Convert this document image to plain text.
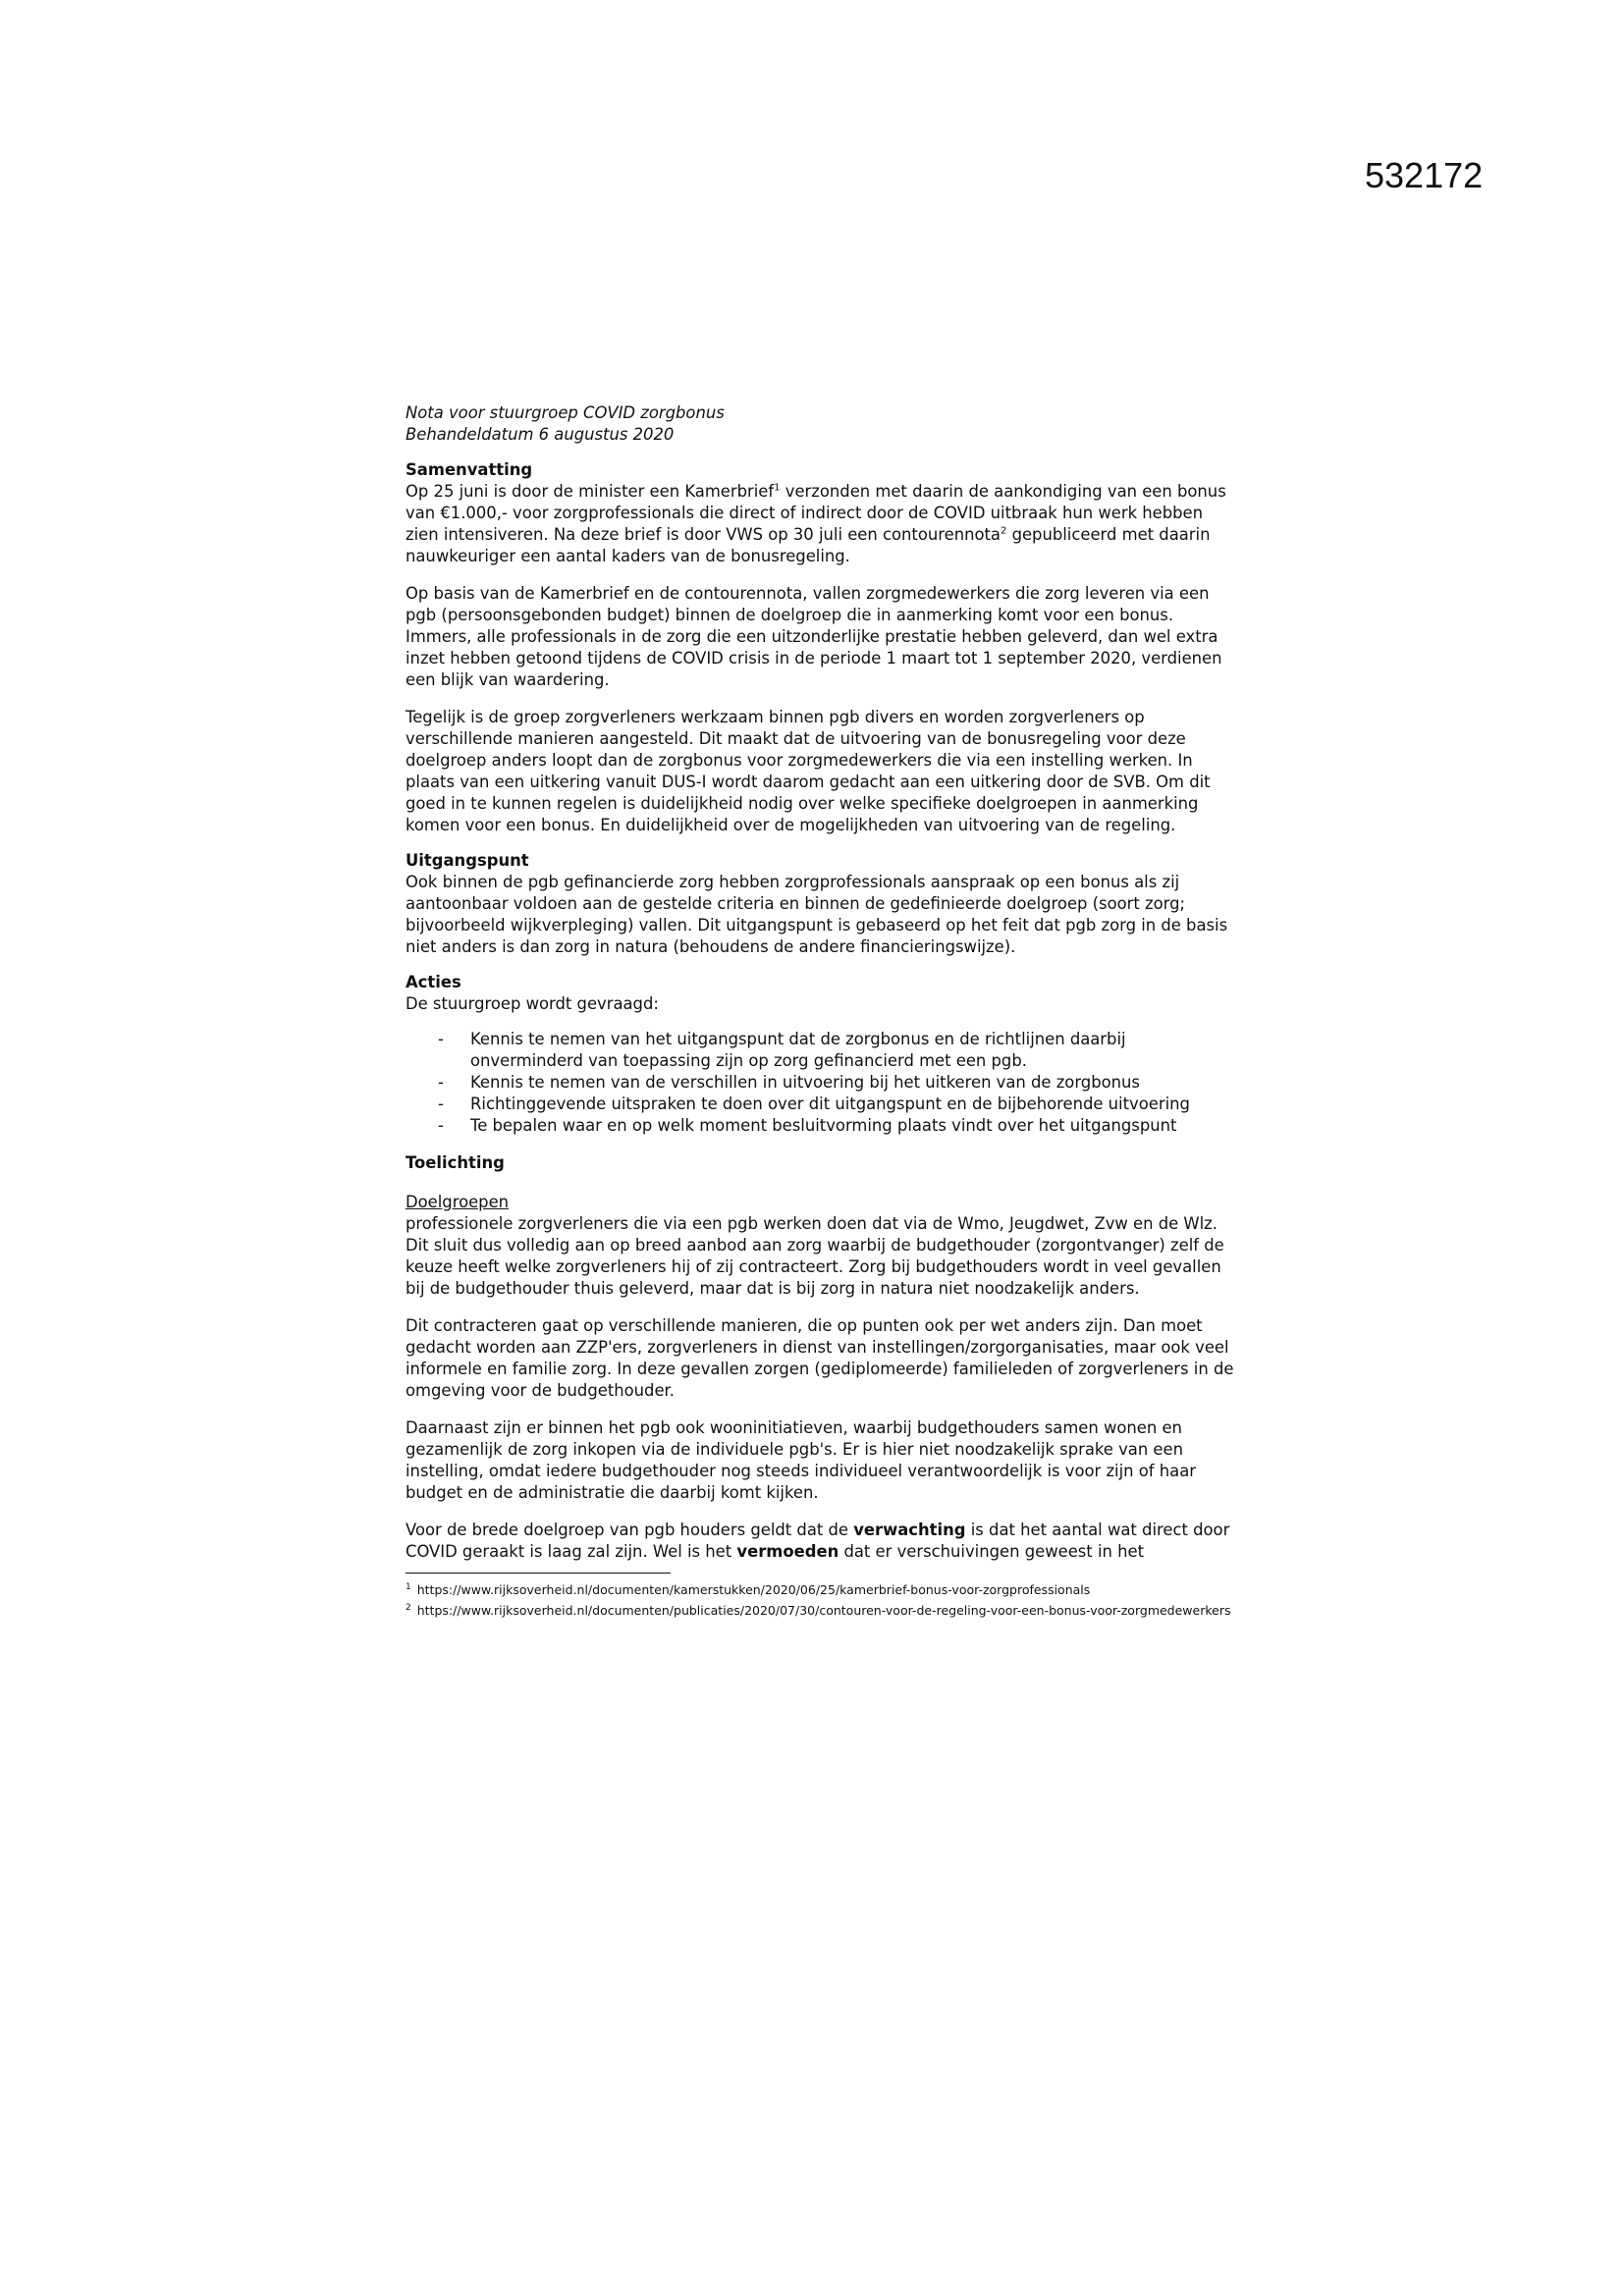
532172

Nota voor stuurgroep COVID zorgbonus

Behandeldatum 6 augustus 2020

Samenvatting

Op 25 juni is door de minister een Kamerbrief$^1$ verzonden met daarin de aankondiging van een bonus van €1.000,- voor zorgprofessionals die direct of indirect door de COVID uitbraak hun werk hebben zien intensiveren. Na deze brief is door VWS op 30 juli een contourennota$^2$ gepubliceerd met daarin nauwkeuriger een aantal kaders van de bonusregeling.

Op basis van de Kamerbrief en de contourennota, vallen zorgmedewerkers die zorg leveren via een pgb (persoonsgebonden budget) binnen de doelgroep die in aanmerking komt voor een bonus. Immers, alle professionals in de zorg die een uitzonderlijke prestatie hebben geleverd, dan wel extra inzet hebben getoond tijdens de COVID crisis in de periode 1 maart tot 1 september 2020, verdienen een blijk van waardering.

Tegelijk is de groep zorgverleners werkzaam binnen pgb divers en worden zorgverleners op verschillende manieren aangesteld. Dit maakt dat de uitvoering van de bonusregeling voor deze doelgroep anders loopt dan de zorgbonus voor zorgmedewerkers die via een instelling werken. In plaats van een uitkering vanuit DUS-I wordt daarom gedacht aan een uitkering door de SVB. Om dit goed in te kunnen regelen is duidelijkheid nodig over welke specifieke doelgroepen in aanmerking komen voor een bonus. En duidelijkheid over de mogelijkheden van uitvoering van de regeling.

Uitgangspunt

Ook binnen de pgb gefinancierde zorg hebben zorgprofessionals aanspraak op een bonus als zij aantoonbaar voldoen aan de gestelde criteria en binnen de gedefinieerde doelgroep (soort zorg; bijvoorbeeld wijkverpleging) vallen. Dit uitgangspunt is gebaseerd op het feit dat pgb zorg in de basis niet anders is dan zorg in natura (behoudens de andere financieringswijze).

Acties

De stuurgroep wordt gevraagd:

- Kennis te nemen van het uitgangspunt dat de zorgbonus en de richtlijnen daarbij onverminderd van toepassing zijn op zorg gefinancierd met een pgb.
- Kennis te nemen van de verschillen in uitvoering bij het uitkeren van de zorgbonus
- Richtinggevende uitspraken te doen over dit uitgangspunt en de bijbehorende uitvoering
- Te bepalen waar en op welk moment besluitvorming plaats vindt over het uitgangspunt

Toelichting

Doelgroepen

professionele zorgverleners die via een pgb werken doen dat via de Wmo, Jeugdwet, Zvw en de Wlz. Dit sluit dus volledig aan op breed aanbod aan zorg waarbij de budgethouder (zorgontvanger) zelf de keuze heeft welke zorgverleners hij of zij contracteert. Zorg bij budgethouders wordt in veel gevallen bij de budgethouder thuis geleverd, maar dat is bij zorg in natura niet noodzakelijk anders.

Dit contracteren gaat op verschillende manieren, die op punten ook per wet anders zijn. Dan moet gedacht worden aan ZZP'ers, zorgverleners in dienst van instellingen/zorgorganisaties, maar ook veel informele en familie zorg. In deze gevallen zorgen (gediplomeerde) familieleden of zorgverleners in de omgeving voor de budgethouder.

Daarnaast zijn er binnen het pgb ook wooninitiatieven, waarbij budgethouders samen wonen en gezamenlijk de zorg inkopen via de individuele pgb's. Er is hier niet noodzakelijk sprake van een instelling, omdat iedere budgethouder nog steeds individueel verantwoordelijk is voor zijn of haar budget en de administratie die daarbij komt kijken.

Voor de brede doelgroep van pgb houders geldt dat de verwachting is dat het aantal wat direct door COVID geraakt is laag zal zijn. Wel is het vermoeden dat er verschuivingen geweest in het

$^1$ https://www.rijksoverheid.nl/documenten/kamerstukken/2020/06/25/kamerbrief-bonus-voor-zorgprofessionals

$^2$ https://www.rijksoverheid.nl/documenten/publicaties/2020/07/30/contouren-voor-de-regeling-voor-een-bonus-voor-zorgmedewerkers
